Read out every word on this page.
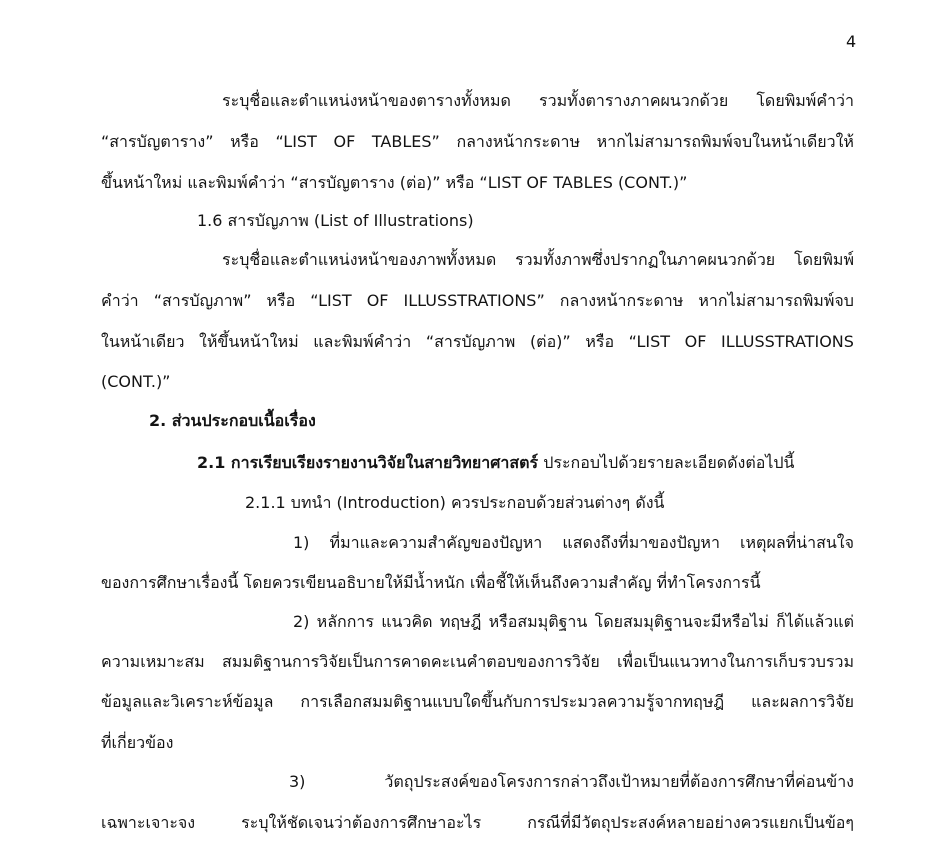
4
ระบุชื่อและตำแหน่งหน้าของตารางทั้งหมด รวมทั้งตารางภาคผนวกด้วย โดยพิมพ์คำว่า
“สารบัญตาราง” หรือ “LIST OF TABLES” กลางหน้ากระดาษ หากไม่สามารถพิมพ์จบในหน้าเดียวให้
ขึ้นหน้าใหม่ และพิมพ์คำว่า “สารบัญตาราง (ต่อ)” หรือ “LIST OF TABLES (CONT.)”
1.6 สารบัญภาพ (List of Illustrations)
ระบุชื่อและตำแหน่งหน้าของภาพทั้งหมด รวมทั้งภาพซึ่งปรากฏในภาคผนวกด้วย โดยพิมพ์
คำว่า “สารบัญภาพ” หรือ “LIST OF ILLUSSTRATIONS” กลางหน้ากระดาษ หากไม่สามารถพิมพ์จบ
ในหน้าเดียว ให้ขึ้นหน้าใหม่ และพิมพ์คำว่า “สารบัญภาพ (ต่อ)” หรือ “LIST OF ILLUSSTRATIONS
(CONT.)”
2. ส่วนประกอบเนื้อเรื่อง
2.1 การเรียบเรียงรายงานวิจัยในสายวิทยาศาสตร์ ประกอบไปด้วยรายละเอียดดังต่อไปนี้
2.1.1 บทนำ (Introduction) ควรประกอบด้วยส่วนต่างๆ ดังนี้
1) ที่มาและความสำคัญของปัญหา แสดงถึงที่มาของปัญหา เหตุผลที่น่าสนใจ
ของการศึกษาเรื่องนี้ โดยควรเขียนอธิบายให้มีน้ำหนัก เพื่อชี้ให้เห็นถึงความสำคัญ ที่ทำโครงการนี้
2) หลักการ แนวคิด ทฤษฎี หรือสมมุติฐาน โดยสมมุติฐานจะมีหรือไม่ ก็ได้แล้วแต่
ความเหมาะสม สมมติฐานการวิจัยเป็นการคาดคะเนคำตอบของการวิจัย เพื่อเป็นแนวทางในการเก็บรวบรวม
ข้อมูลและวิเคราะห์ข้อมูล การเลือกสมมติฐานแบบใดขึ้นกับการประมวลความรู้จากทฤษฎี และผลการวิจัย
ที่เกี่ยวข้อง
3)	วัตถุประสงค์ของโครงการกล่าวถึงเป้าหมายที่ต้องการศึกษาที่ค่อนข้าง
เฉพาะเจาะจง	ระบุให้ชัดเจนว่าต้องการศึกษาอะไร	กรณีที่มีวัตถุประสงค์หลายอย่างควรแยกเป็นข้อๆ
